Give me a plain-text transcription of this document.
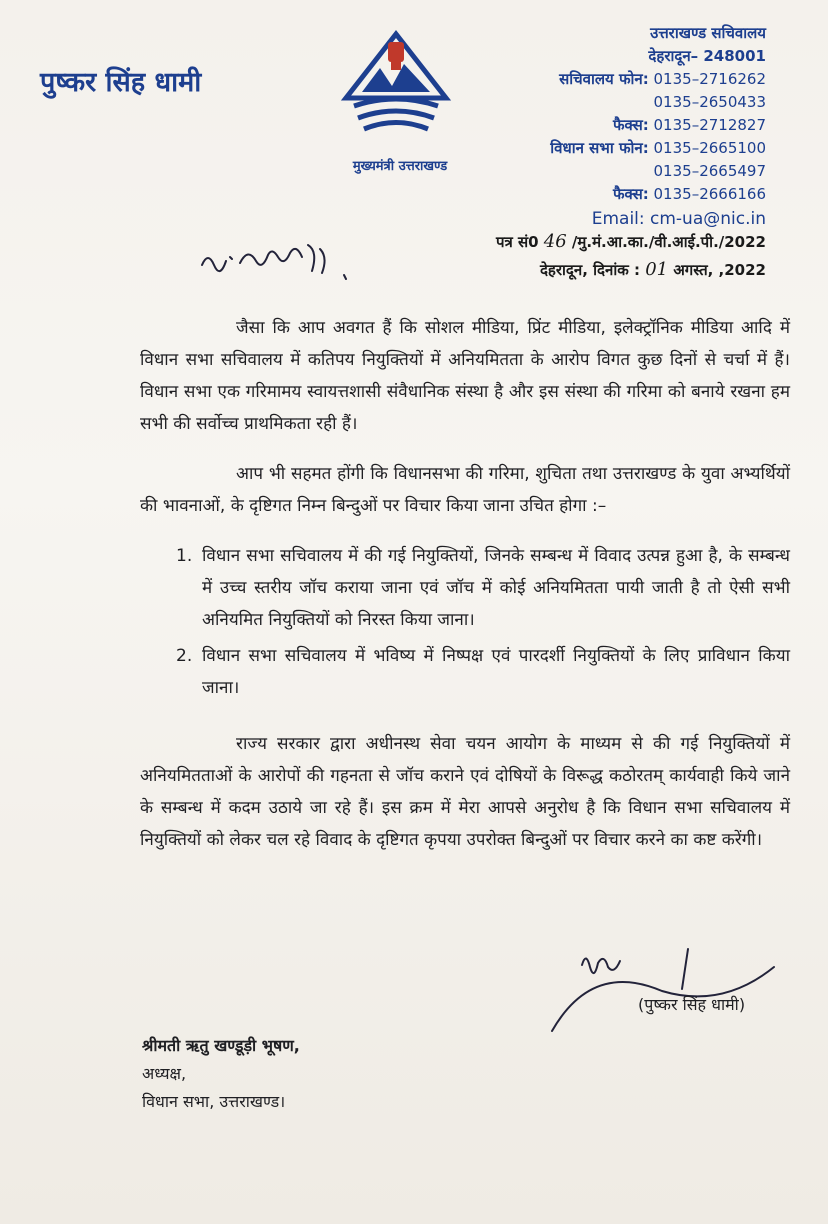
पुष्कर सिंह धामी
मुख्यमंत्री उत्तराखण्ड
उत्तराखण्ड सचिवालय
देहरादून– 248001
सचिवालय फोन: 0135–2716262
0135–2650433
फैक्स: 0135–2712827
विधान सभा फोन: 0135–2665100
0135–2665497
फैक्स: 0135–2666166
Email: cm-ua@nic.in
पत्र सं0 46 /मु.मं.आ.का./वी.आई.पी./2022
देहरादून, दिनांक : 01 अगस्त, ,2022

जैसा कि आप अवगत हैं कि सोशल मीडिया, प्रिंट मीडिया, इलेक्ट्रॉनिक मीडिया आदि में विधान सभा सचिवालय में कतिपय नियुक्तियों में अनियमितता के आरोप विगत कुछ दिनों से चर्चा में हैं। विधान सभा एक गरिमामय स्वायत्तशासी संवैधानिक संस्था है और इस संस्था की गरिमा को बनाये रखना हम सभी की सर्वोच्च प्राथमिकता रही हैं।

आप भी सहमत होंगी कि विधानसभा की गरिमा, शुचिता तथा उत्तराखण्ड के युवा अभ्यर्थियों की भावनाओं, के दृष्टिगत निम्न बिन्दुओं पर विचार किया जाना उचित होगा :–

1. विधान सभा सचिवालय में की गई नियुक्तियों, जिनके सम्बन्ध में विवाद उत्पन्न हुआ है, के सम्बन्ध में उच्च स्तरीय जॉच कराया जाना एवं जॉच में कोई अनियमितता पायी जाती है तो ऐसी सभी अनियमित नियुक्तियों को निरस्त किया जाना।
2. विधान सभा सचिवालय में भविष्य में निष्पक्ष एवं पारदर्शी नियुक्तियों के लिए प्राविधान किया जाना।

राज्य सरकार द्वारा अधीनस्थ सेवा चयन आयोग के माध्यम से की गई नियुक्तियों में अनियमितताओं के आरोपों की गहनता से जॉच कराने एवं दोषियों के विरूद्ध कठोरतम् कार्यवाही किये जाने के सम्बन्ध में कदम उठाये जा रहे हैं। इस क्रम में मेरा आपसे अनुरोध है कि विधान सभा सचिवालय में नियुक्तियों को लेकर चल रहे विवाद के दृष्टिगत कृपया उपरोक्त बिन्दुओं पर विचार करने का कष्ट करेंगी।

(पुष्कर सिंह धामी)
श्रीमती ऋतु खण्डूड़ी भूषण,
अध्यक्ष,
विधान सभा, उत्तराखण्ड।
